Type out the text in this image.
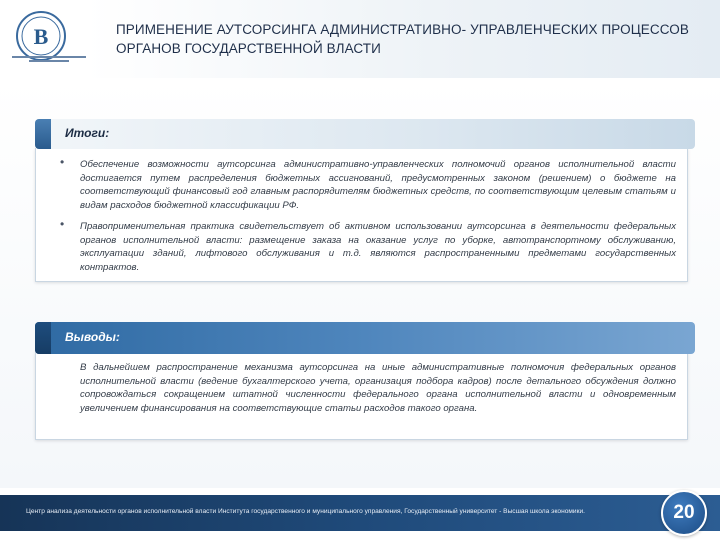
В	ПРИМЕНЕНИЕ АУТСОРСИНГА АДМИНИСТРАТИВНО- УПРАВЛЕНЧЕСКИХ ПРОЦЕССОВ ОРГАНОВ ГОСУДАРСТВЕННОЙ ВЛАСТИ
• Обеспечение возможности аутсорсинга административно-управленческих полномочий органов исполнительной власти достигается путем распределения бюджетных ассигнований, предусмотренных законом (решением) о бюджете на соответствующий финансовый год главным распорядителям бюджетных средств, по соответствующим целевым статьям и видам расходов бюджетной классификации РФ.
• Правоприменительная практика свидетельствует об активном использовании аутсорсинга в деятельности федеральных органов исполнительной власти: размещение заказа на оказание услуг по уборке, автотранспортному обслуживанию, эксплуатации зданий, лифтового обслуживания и т.д. являются распространенными предметами государственных контрактов.
Итоги:
В дальнейшем распространение механизма аутсорсинга на иные административные полномочия федеральных органов исполнительной власти (ведение бухгалтерского учета, организация подбора кадров) после детального обсуждения должно сопровождаться сокращением штатной численности федерального органа исполнительной власти и одновременным увеличением финансирования на соответствующие статьи расходов такого органа.
Выводы:
Центр анализа деятельности органов исполнительной власти Института государственного и муниципального управления, Государственный университет - Высшая школа экономики.	20
